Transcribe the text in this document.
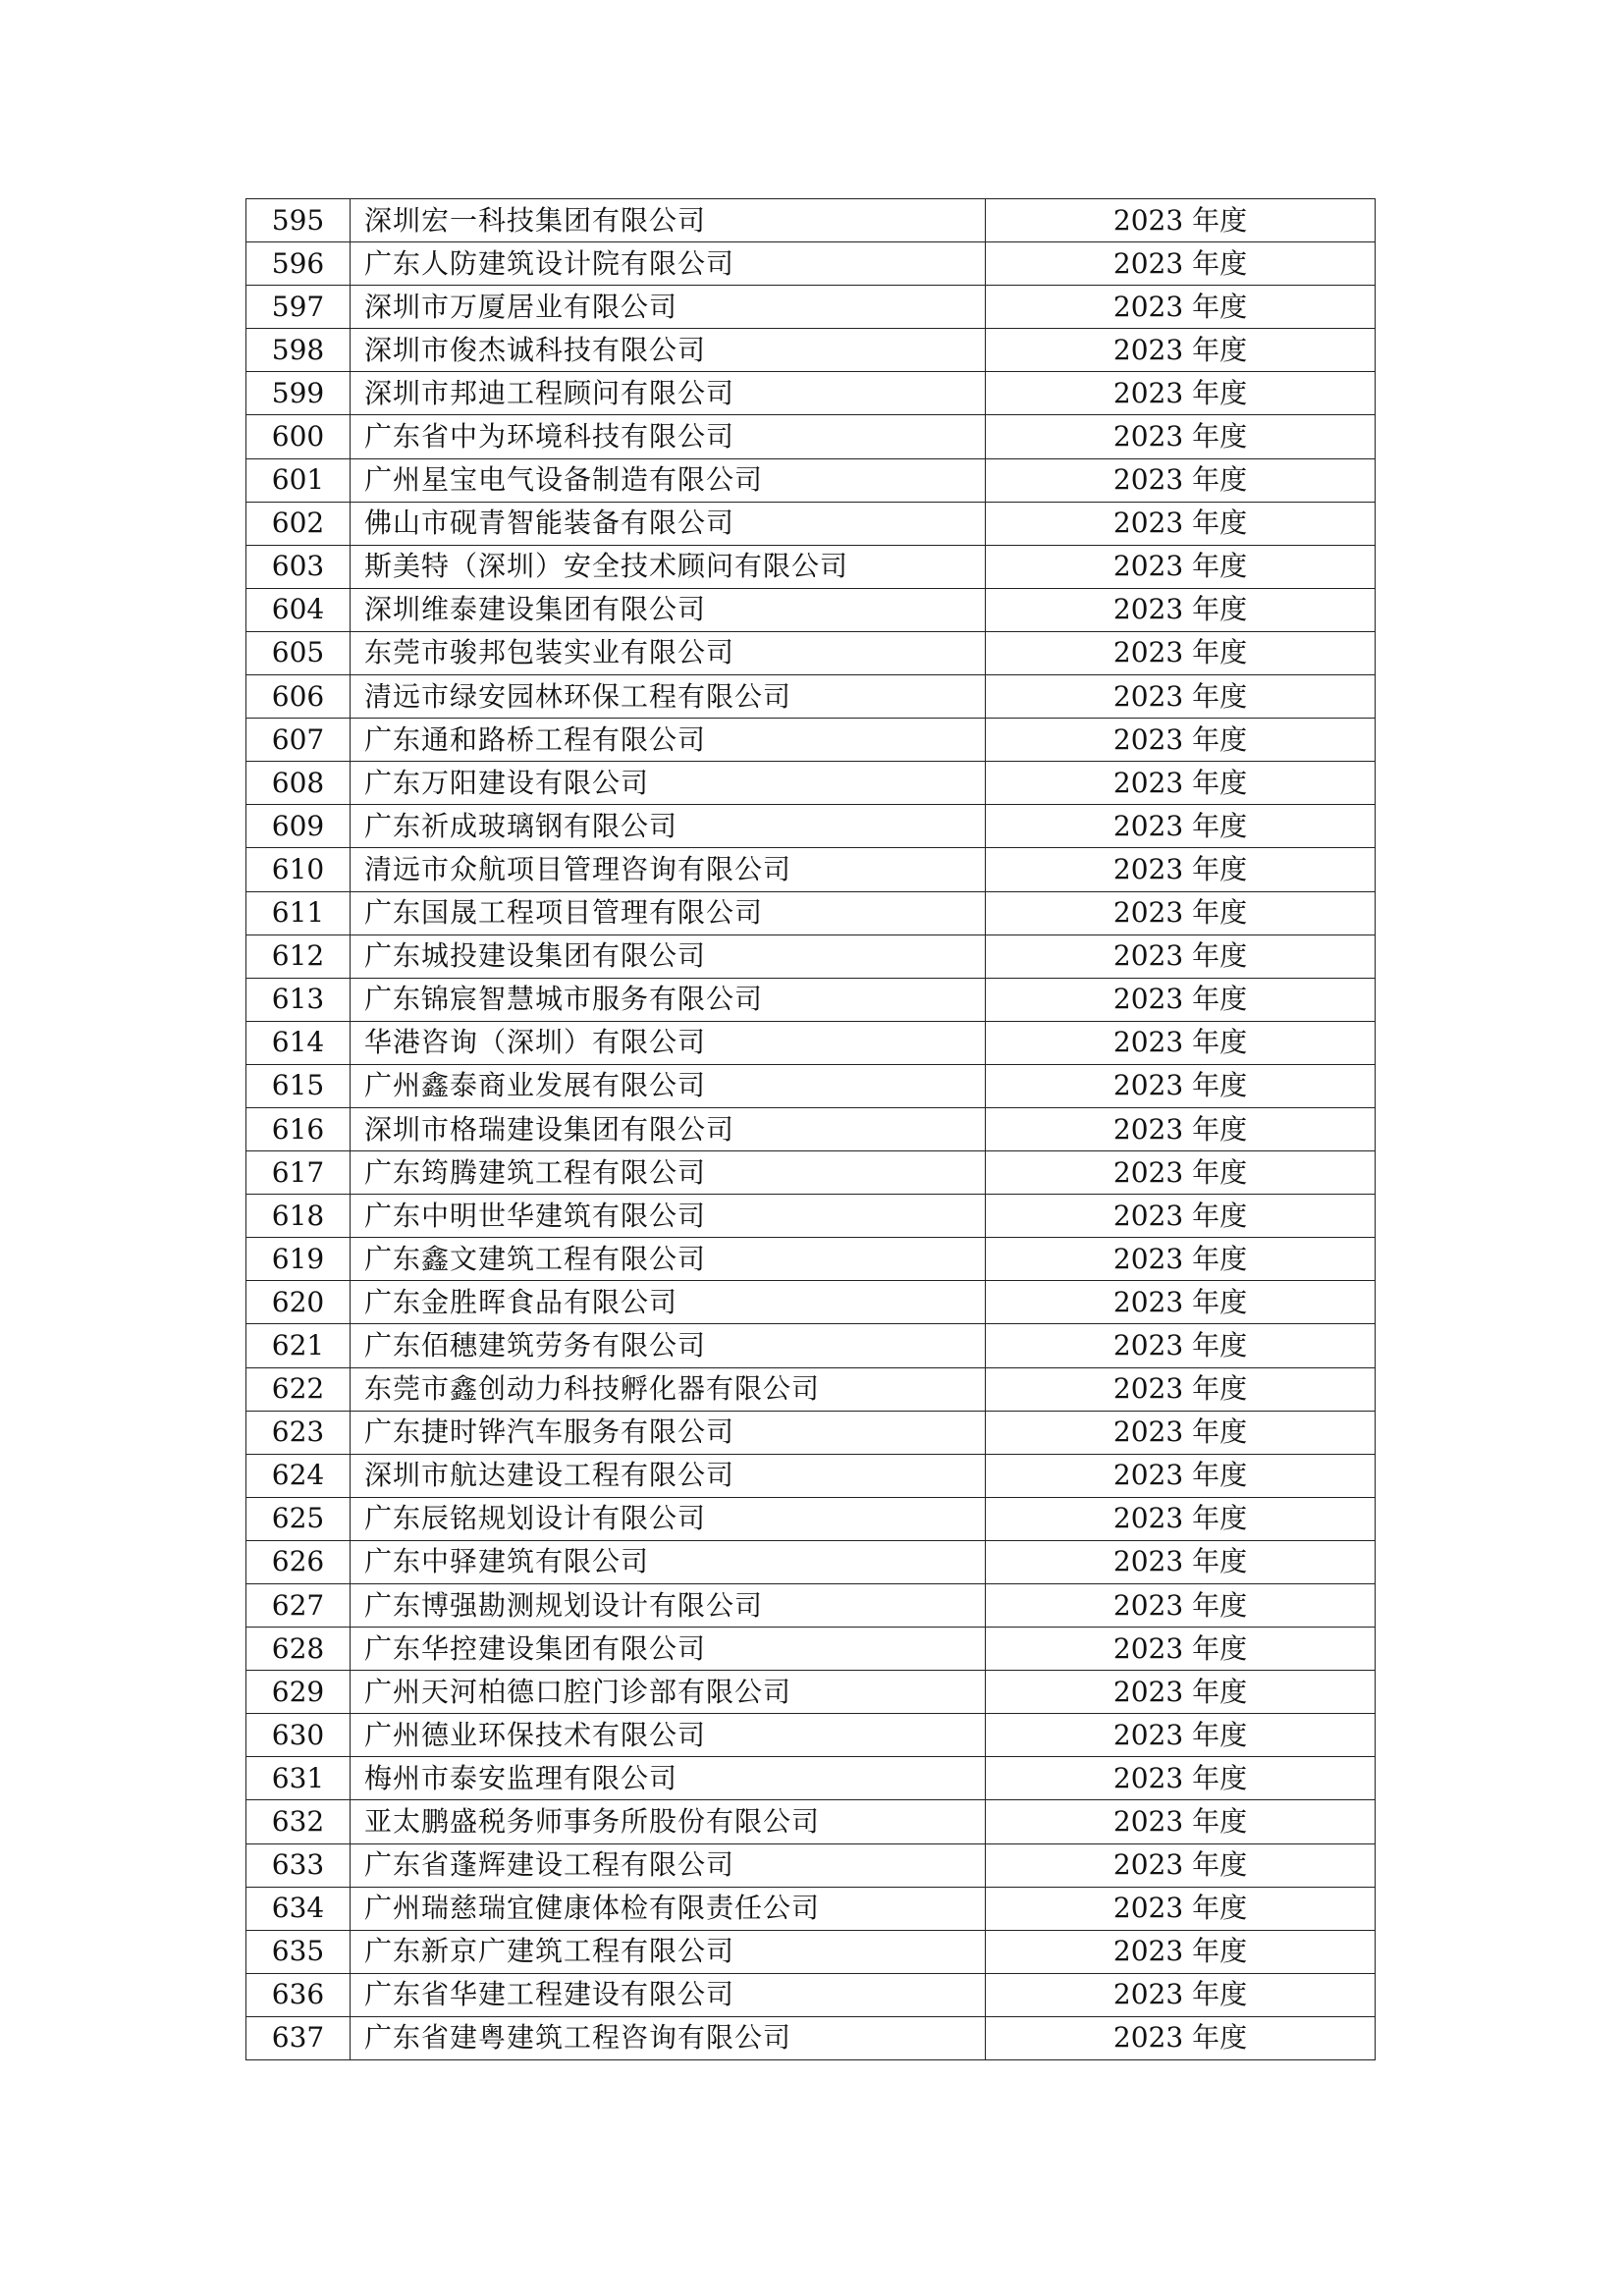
595	深圳宏一科技集团有限公司	2023 年度
596	广东人防建筑设计院有限公司	2023 年度
597	深圳市万厦居业有限公司	2023 年度
598	深圳市俊杰诚科技有限公司	2023 年度
599	深圳市邦迪工程顾问有限公司	2023 年度
600	广东省中为环境科技有限公司	2023 年度
601	广州星宝电气设备制造有限公司	2023 年度
602	佛山市砚青智能装备有限公司	2023 年度
603	斯美特（深圳）安全技术顾问有限公司	2023 年度
604	深圳维泰建设集团有限公司	2023 年度
605	东莞市骏邦包装实业有限公司	2023 年度
606	清远市绿安园林环保工程有限公司	2023 年度
607	广东通和路桥工程有限公司	2023 年度
608	广东万阳建设有限公司	2023 年度
609	广东祈成玻璃钢有限公司	2023 年度
610	清远市众航项目管理咨询有限公司	2023 年度
611	广东国晟工程项目管理有限公司	2023 年度
612	广东城投建设集团有限公司	2023 年度
613	广东锦宸智慧城市服务有限公司	2023 年度
614	华港咨询（深圳）有限公司	2023 年度
615	广州鑫泰商业发展有限公司	2023 年度
616	深圳市格瑞建设集团有限公司	2023 年度
617	广东筠腾建筑工程有限公司	2023 年度
618	广东中明世华建筑有限公司	2023 年度
619	广东鑫文建筑工程有限公司	2023 年度
620	广东金胜晖食品有限公司	2023 年度
621	广东佰穗建筑劳务有限公司	2023 年度
622	东莞市鑫创动力科技孵化器有限公司	2023 年度
623	广东捷时铧汽车服务有限公司	2023 年度
624	深圳市航达建设工程有限公司	2023 年度
625	广东辰铭规划设计有限公司	2023 年度
626	广东中驿建筑有限公司	2023 年度
627	广东博强勘测规划设计有限公司	2023 年度
628	广东华控建设集团有限公司	2023 年度
629	广州天河柏德口腔门诊部有限公司	2023 年度
630	广州德业环保技术有限公司	2023 年度
631	梅州市泰安监理有限公司	2023 年度
632	亚太鹏盛税务师事务所股份有限公司	2023 年度
633	广东省蓬辉建设工程有限公司	2023 年度
634	广州瑞慈瑞宜健康体检有限责任公司	2023 年度
635	广东新京广建筑工程有限公司	2023 年度
636	广东省华建工程建设有限公司	2023 年度
637	广东省建粤建筑工程咨询有限公司	2023 年度
